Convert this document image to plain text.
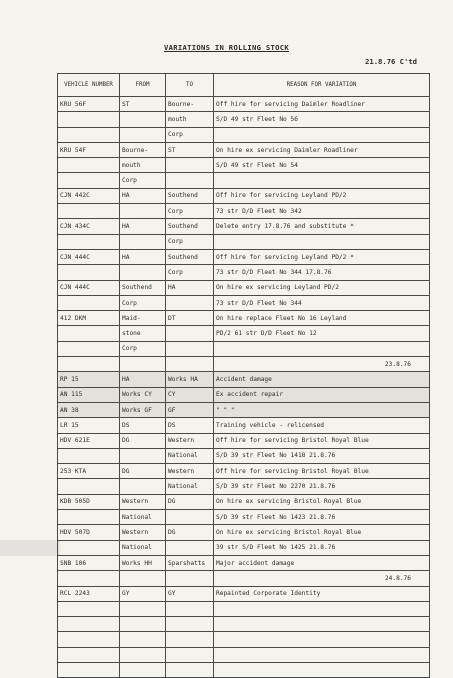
VARIATIONS IN ROLLING STOCK
21.8.76 C'td
VEHICLE NUMBER	FROM	TO	REASON FOR VARIATION
KRU 56F	ST	Bourne-	Off hire for servicing Daimler Roadliner
		mouth	S/D 49 str Fleet No 56
		Corp	
KRU 54F	Bourne-	ST	On hire ex servicing Daimler Roadliner
	mouth		S/D 49 str Fleet No 54
	Corp		
CJN 442C	HA	Southend	Off hire for servicing Leyland PD/2
		Corp	73 str D/D Fleet No 342
CJN 434C	HA	Southend	Delete entry 17.8.76 and substitute *
		Corp	
CJN 444C	HA	Southend	Off hire for servicing Leyland PD/2 *
		Corp	73 str D/D Fleet No 344 17.8.76
CJN 444C	Southend	HA	On hire ex servicing Leyland PD/2
	Corp		73 str D/D Fleet No 344
412 DKM	Maid-	DT	On hire replace Fleet No 16 Leyland
	stone		PD/2 61 str D/D Fleet No 12
	Corp		
			23.8.76
RP 15	HA	Works HA	Accident damage
AN 115	Works CY	CY	Ex accident repair
AN 38	Works GF	GF	" " "
LR 15	DS	DS	Training vehicle - relicensed
HDV 621E	DG	Western	Off hire for servicing Bristol Royal Blue
		National	S/D 39 str Fleet No 1418 21.8.76
253 KTA	DG	Western	Off hire for servicing Bristol Royal Blue
		National	S/D 39 str Fleet No 2270 21.8.76
KDB 505D	Western	DG	On hire ex servicing Bristol Royal Blue
	National		S/D 39 str Fleet No 1423 21.8.76
HDV 507D	Western	DG	On hire ex servicing Bristol Royal Blue
	National		39 str S/D Fleet No 1425 21.8.76
SNB 106	Works HH	Sparshatts	Major accident damage
			24.8.76
RCL 2243	GY	GY	Repainted Corporate Identity
